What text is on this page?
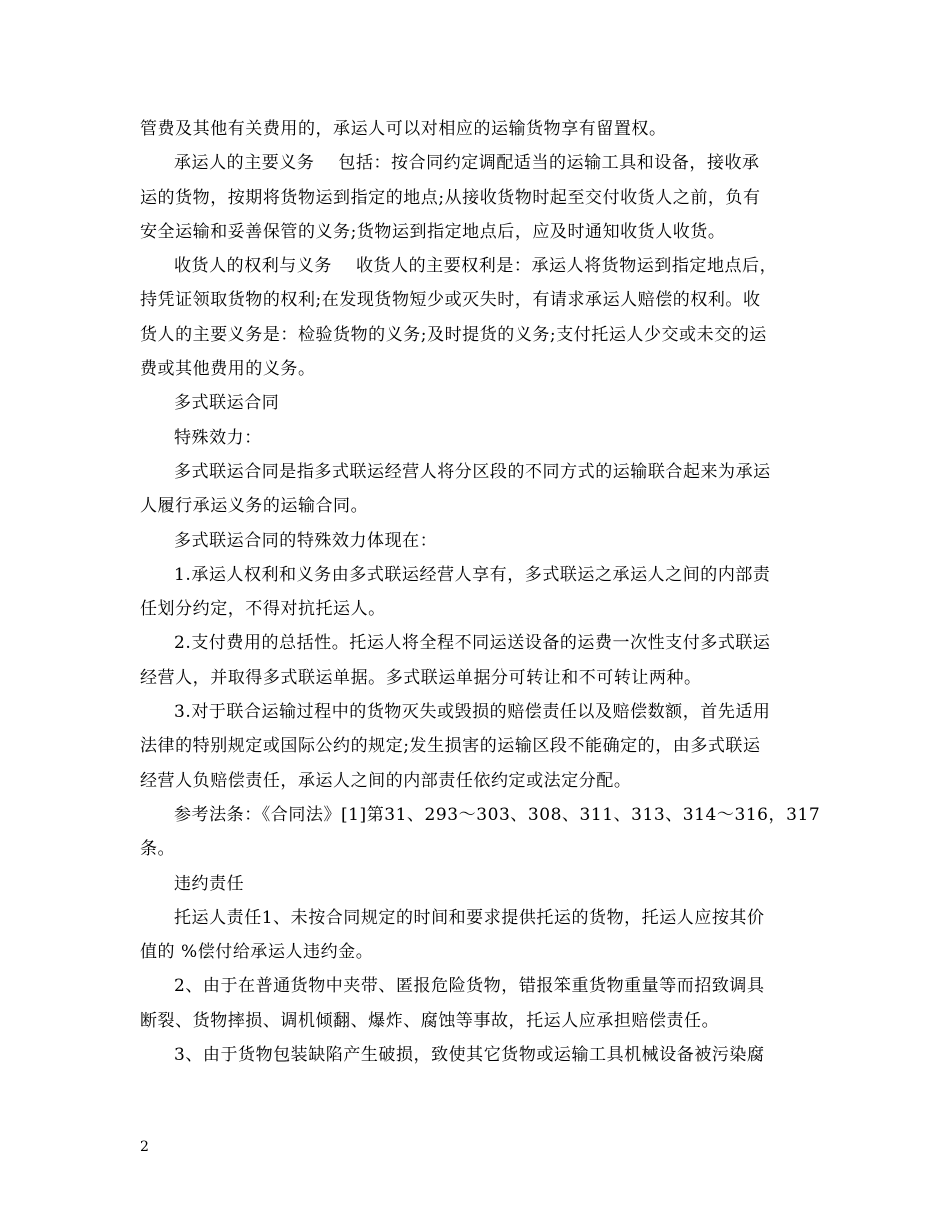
管费及其他有关费用的，承运人可以对相应的运输货物享有留置权。
承运人的主要义务 包括：按合同约定调配适当的运输工具和设备，接收承
运的货物，按期将货物运到指定的地点;从接收货物时起至交付收货人之前，负有
安全运输和妥善保管的义务;货物运到指定地点后，应及时通知收货人收货。
收货人的权利与义务 收货人的主要权利是：承运人将货物运到指定地点后，
持凭证领取货物的权利;在发现货物短少或灭失时，有请求承运人赔偿的权利。收
货人的主要义务是：检验货物的义务;及时提货的义务;支付托运人少交或未交的运
费或其他费用的义务。
多式联运合同
特殊效力：
多式联运合同是指多式联运经营人将分区段的不同方式的运输联合起来为承运
人履行承运义务的运输合同。
多式联运合同的特殊效力体现在：
1.承运人权利和义务由多式联运经营人享有，多式联运之承运人之间的内部责
任划分约定，不得对抗托运人。
2.支付费用的总括性。托运人将全程不同运送设备的运费一次性支付多式联运
经营人，并取得多式联运单据。多式联运单据分可转让和不可转让两种。
3.对于联合运输过程中的货物灭失或毁损的赔偿责任以及赔偿数额，首先适用
法律的特别规定或国际公约的规定;发生损害的运输区段不能确定的，由多式联运
经营人负赔偿责任，承运人之间的内部责任依约定或法定分配。
参考法条：《合同法》[1]第31、293～303、308、311、313、314～316，317
条。
违约责任
托运人责任1、未按合同规定的时间和要求提供托运的货物，托运人应按其价
值的 %偿付给承运人违约金。
2、由于在普通货物中夹带、匿报危险货物，错报笨重货物重量等而招致调具
断裂、货物摔损、调机倾翻、爆炸、腐蚀等事故，托运人应承担赔偿责任。
3、由于货物包装缺陷产生破损，致使其它货物或运输工具机械设备被污染腐
2
